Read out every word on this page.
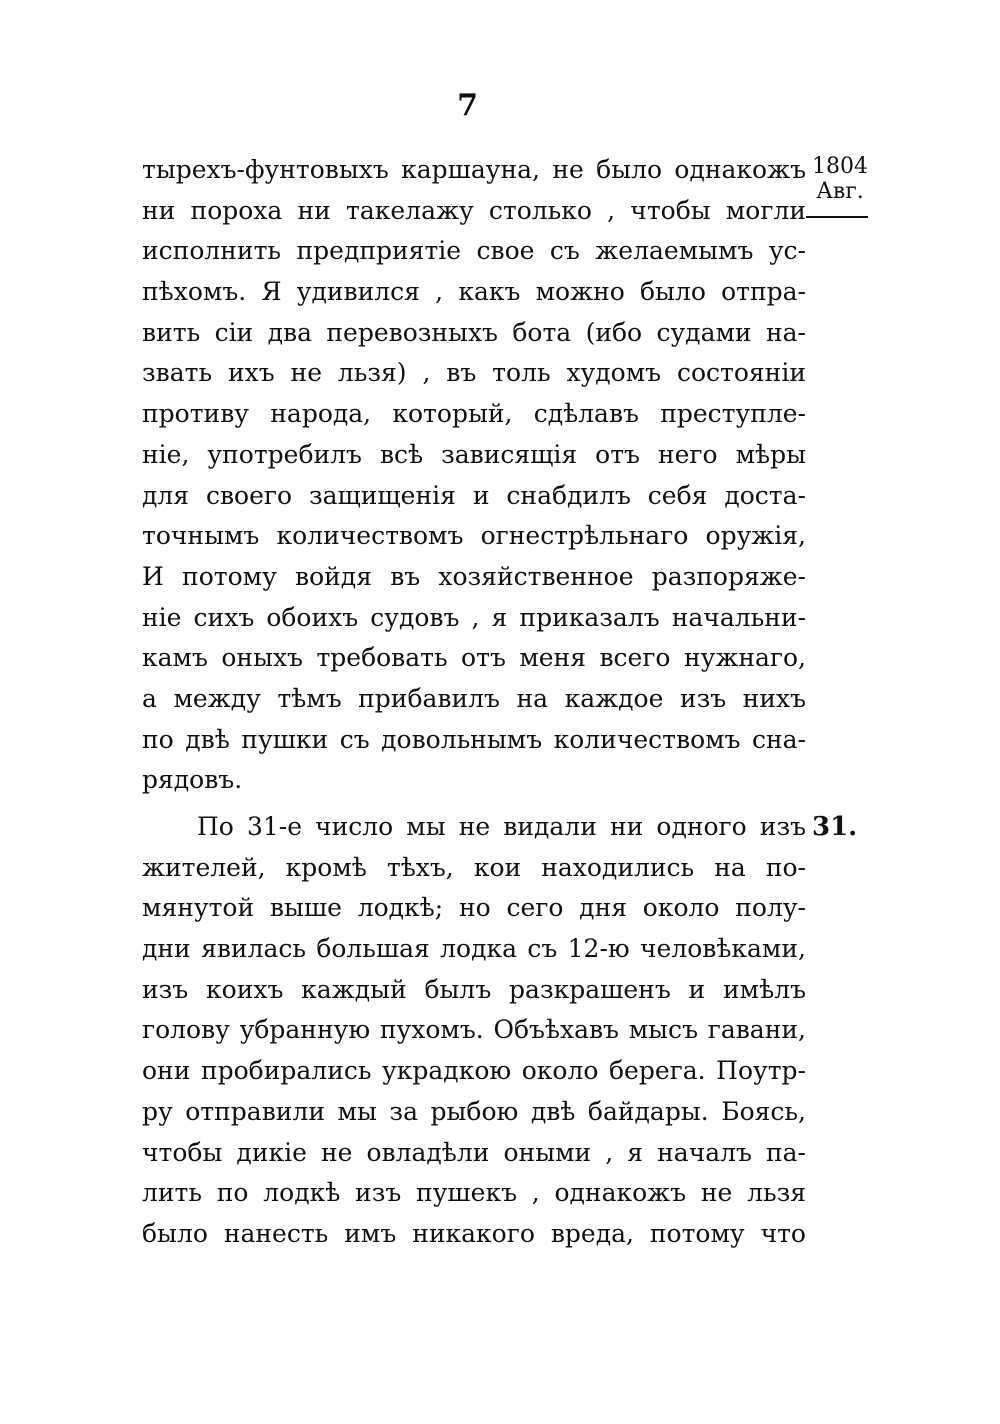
7
1804
Авг.
31.
тырехъ-фунтовыхъ каршауна, не было однакожъ
ни пороха ни такелажу столько , чтобы могли
исполнить предприятіе свое съ желаемымъ ус-
пѣхомъ. Я удивился , какъ можно было отпра-
вить сіи два перевозныхъ бота (ибо судами на-
звать ихъ не льзя) , въ толь худомъ состояніи
противу народа, который, сдѣлавъ преступле-
ніе, употребилъ всѣ зависящія отъ него мѣры
для своего защищенія и снабдилъ себя доста-
точнымъ количествомъ огнестрѣльнаго оружія,
И потому войдя въ хозяйственное разпоряже-
ніе сихъ обоихъ судовъ , я приказалъ начальни-
камъ оныхъ требовать отъ меня всего нужнаго,
а между тѣмъ прибавилъ на каждое изъ нихъ
по двѣ пушки съ довольнымъ количествомъ сна-
рядовъ.
По 31-е число мы не видали ни одного изъ
жителей, кромѣ тѣхъ, кои находились на по-
мянутой выше лодкѣ; но сего дня около полу-
дни явилась большая лодка съ 12-ю человѣками,
изъ коихъ каждый былъ разкрашенъ и имѣлъ
голову убранную пухомъ. Объѣхавъ мысъ гавани,
они пробирались украдкою около берега. Поутр-
ру отправили мы за рыбою двѣ байдары. Боясь,
чтобы дикіе не овладѣли оными , я началъ па-
лить по лодкѣ изъ пушекъ , однакожъ не льзя
было нанесть имъ никакого вреда, потому что
